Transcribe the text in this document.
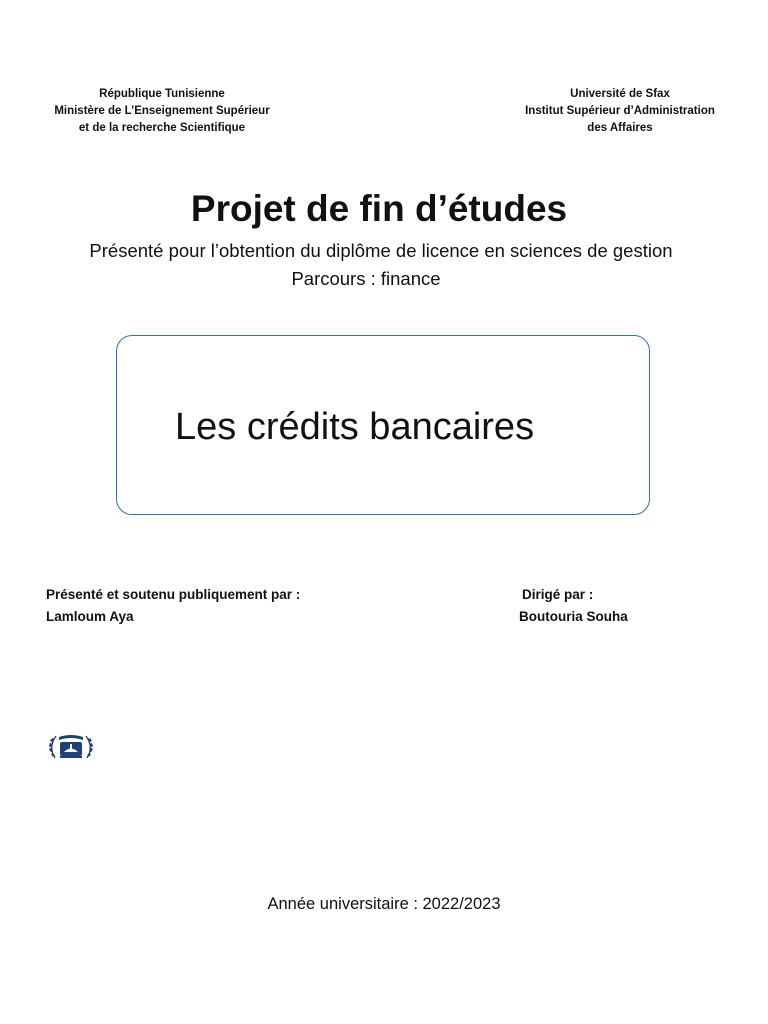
République Tunisienne
Ministère de L’Enseignement Supérieur
et de la recherche Scientifique
Université de Sfax
Institut Supérieur d’Administration
des Affaires
Projet de fin d’études
Présenté pour l’obtention du diplôme de licence en sciences de gestion
Parcours : finance
Les crédits bancaires
Présenté et soutenu publiquement par :
Lamloum Aya
Dirigé par :
Boutouria Souha
Année universitaire : 2022/2023
